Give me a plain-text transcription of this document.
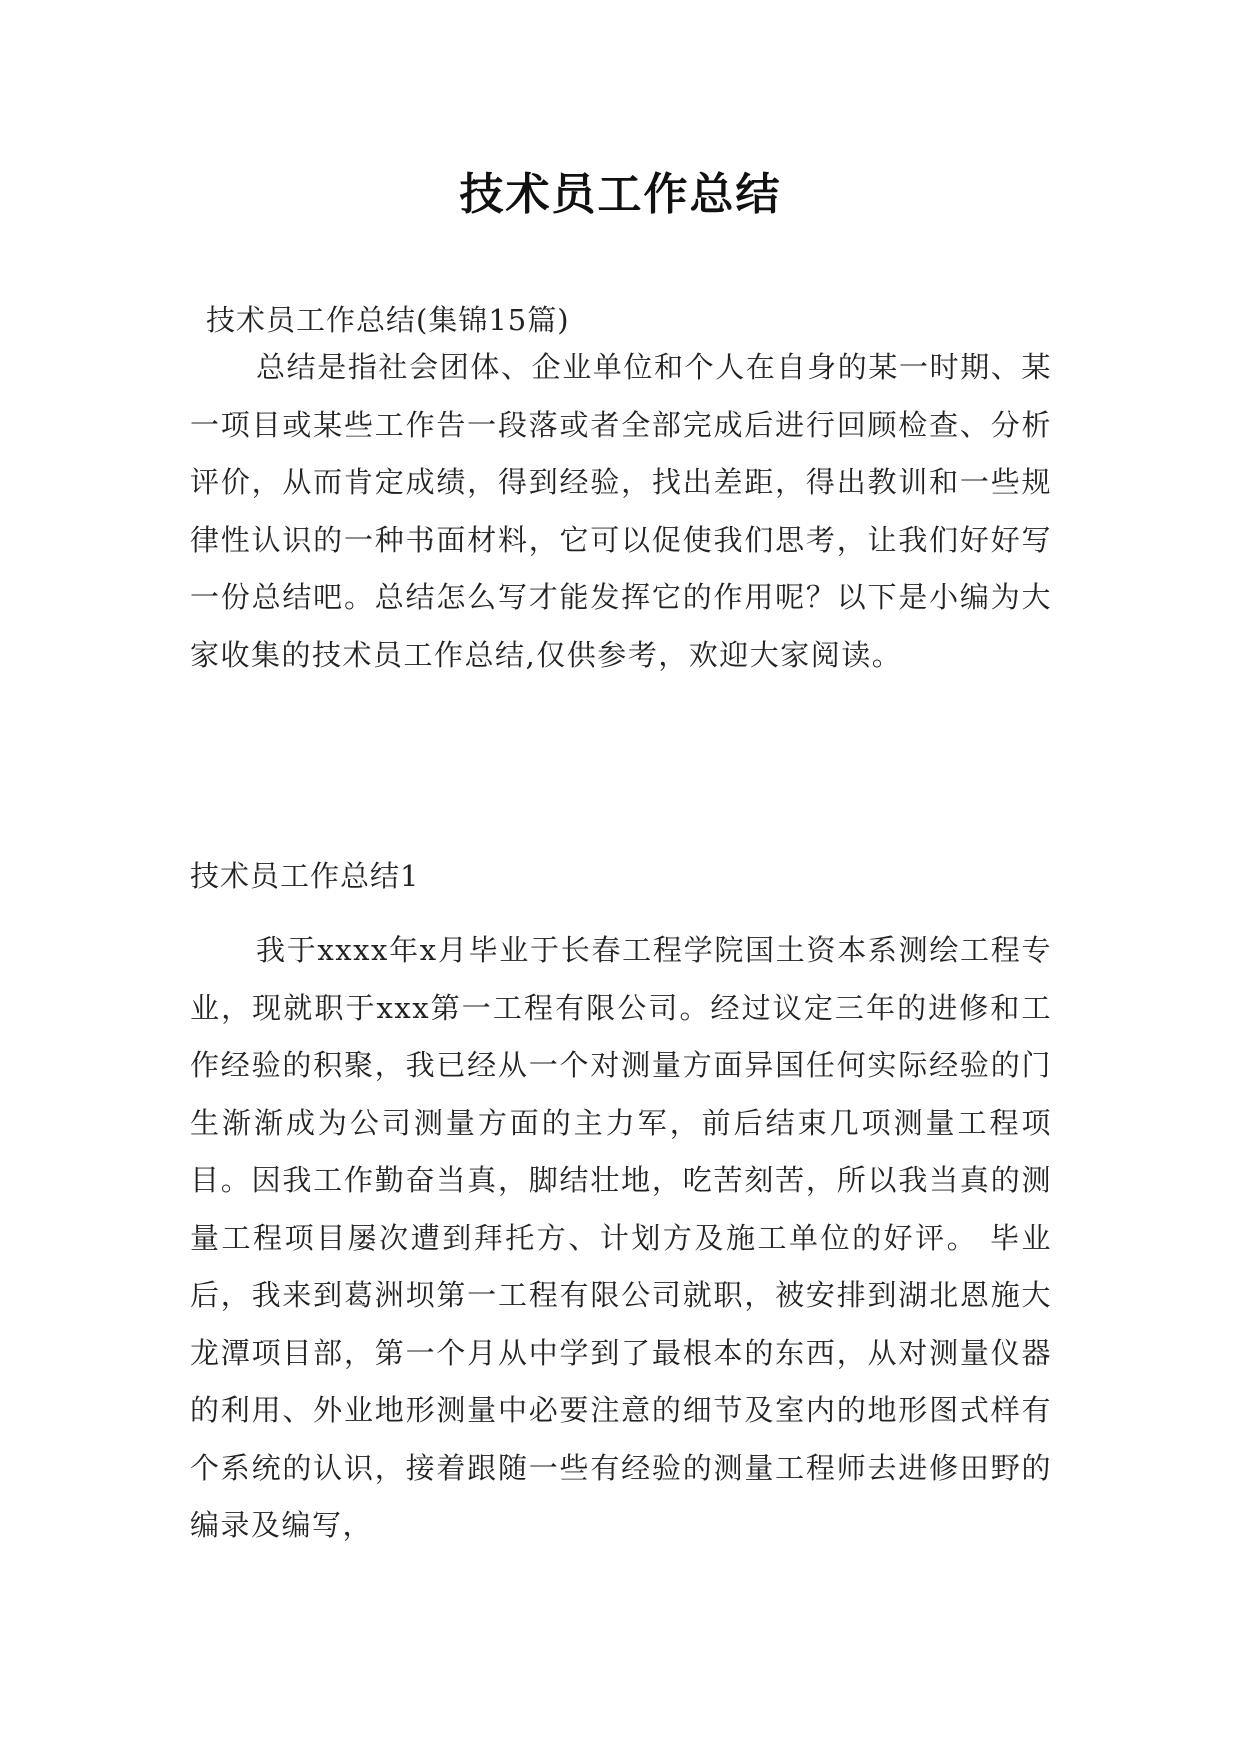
技术员工作总结

技术员工作总结(集锦15篇)

总结是指社会团体、企业单位和个人在自身的某一时期、某一项目或某些工作告一段落或者全部完成后进行回顾检查、分析评价，从而肯定成绩，得到经验，找出差距，得出教训和一些规律性认识的一种书面材料，它可以促使我们思考，让我们好好写一份总结吧。总结怎么写才能发挥它的作用呢？以下是小编为大家收集的技术员工作总结,仅供参考，欢迎大家阅读。

技术员工作总结1

我于xxxx年x月毕业于长春工程学院国土资本系测绘工程专业，现就职于xxx第一工程有限公司。经过议定三年的进修和工作经验的积聚，我已经从一个对测量方面异国任何实际经验的门生渐渐成为公司测量方面的主力军，前后结束几项测量工程项目。因我工作勤奋当真，脚结壮地，吃苦刻苦，所以我当真的测量工程项目屡次遭到拜托方、计划方及施工单位的好评。 毕业后，我来到葛洲坝第一工程有限公司就职，被安排到湖北恩施大龙潭项目部，第一个月从中学到了最根本的东西，从对测量仪器的利用、外业地形测量中必要注意的细节及室内的地形图式样有个系统的认识，接着跟随一些有经验的测量工程师去进修田野的编录及编写，
